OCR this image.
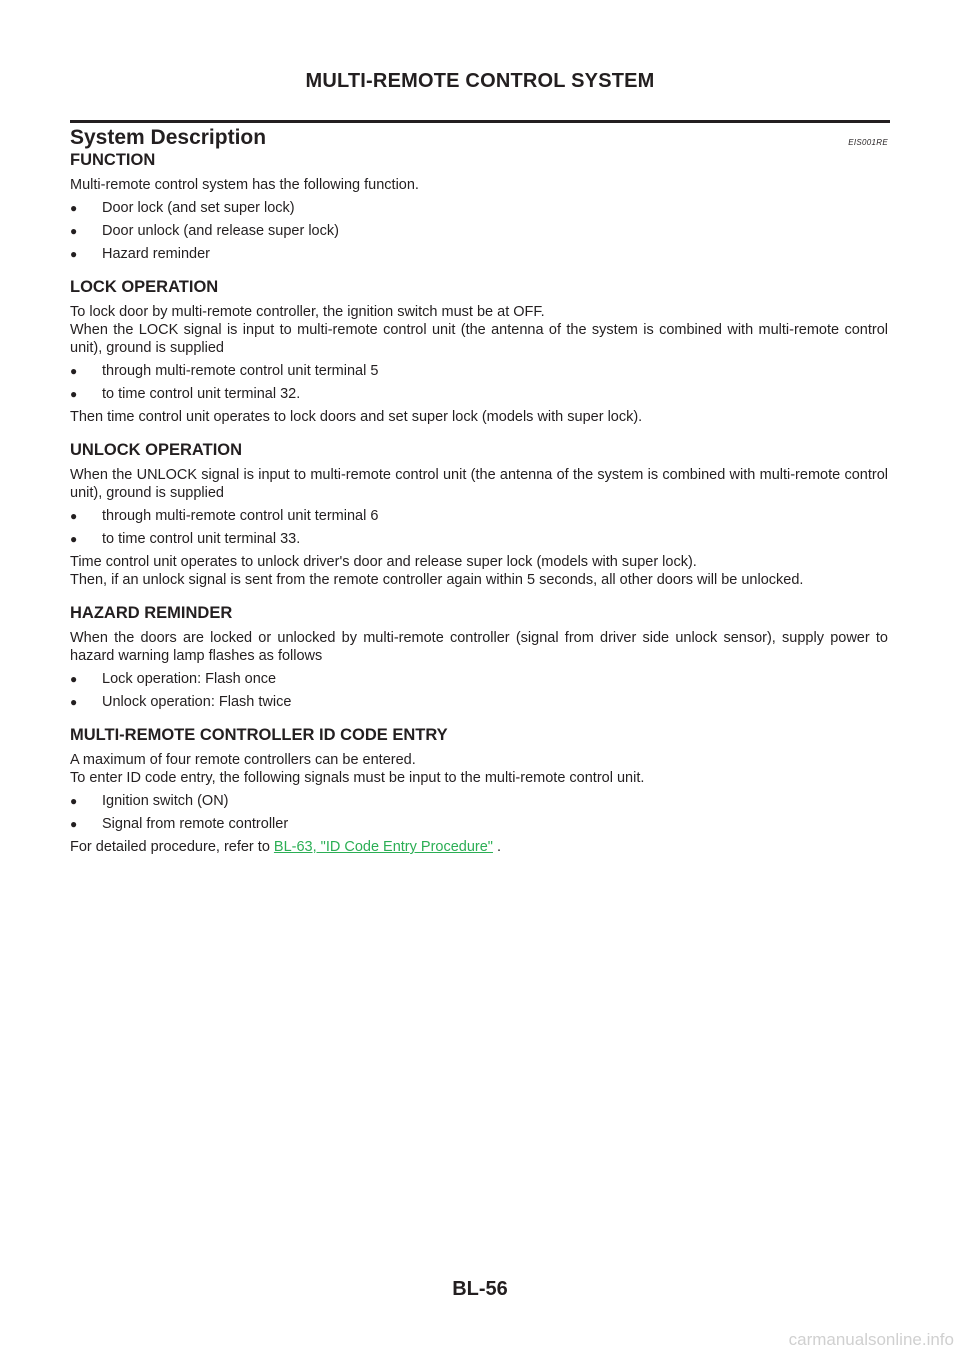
MULTI-REMOTE CONTROL SYSTEM
System Description	EIS001RE
FUNCTION

Multi-remote control system has the following function.

● Door lock (and set super lock)
● Door unlock (and release super lock)
● Hazard reminder
LOCK OPERATION

To lock door by multi-remote controller, the ignition switch must be at OFF.

When the LOCK signal is input to multi-remote control unit (the antenna of the system is combined with multi-remote control unit), ground is supplied

● through multi-remote control unit terminal 5
● to time control unit terminal 32.

Then time control unit operates to lock doors and set super lock (models with super lock).

UNLOCK OPERATION

When the UNLOCK signal is input to multi-remote control unit (the antenna of the system is combined with multi-remote control unit), ground is supplied

● through multi-remote control unit terminal 6
● to time control unit terminal 33.

Time control unit operates to unlock driver's door and release super lock (models with super lock).

Then, if an unlock signal is sent from the remote controller again within 5 seconds, all other doors will be unlocked.

HAZARD REMINDER

When the doors are locked or unlocked by multi-remote controller (signal from driver side unlock sensor), supply power to hazard warning lamp flashes as follows

● Lock operation: Flash once
● Unlock operation: Flash twice
MULTI-REMOTE CONTROLLER ID CODE ENTRY

A maximum of four remote controllers can be entered.

To enter ID code entry, the following signals must be input to the multi-remote control unit.

● Ignition switch (ON)
● Signal from remote controller

For detailed procedure, refer to BL-63, "ID Code Entry Procedure" .

BL-56
carmanualsonline.info
